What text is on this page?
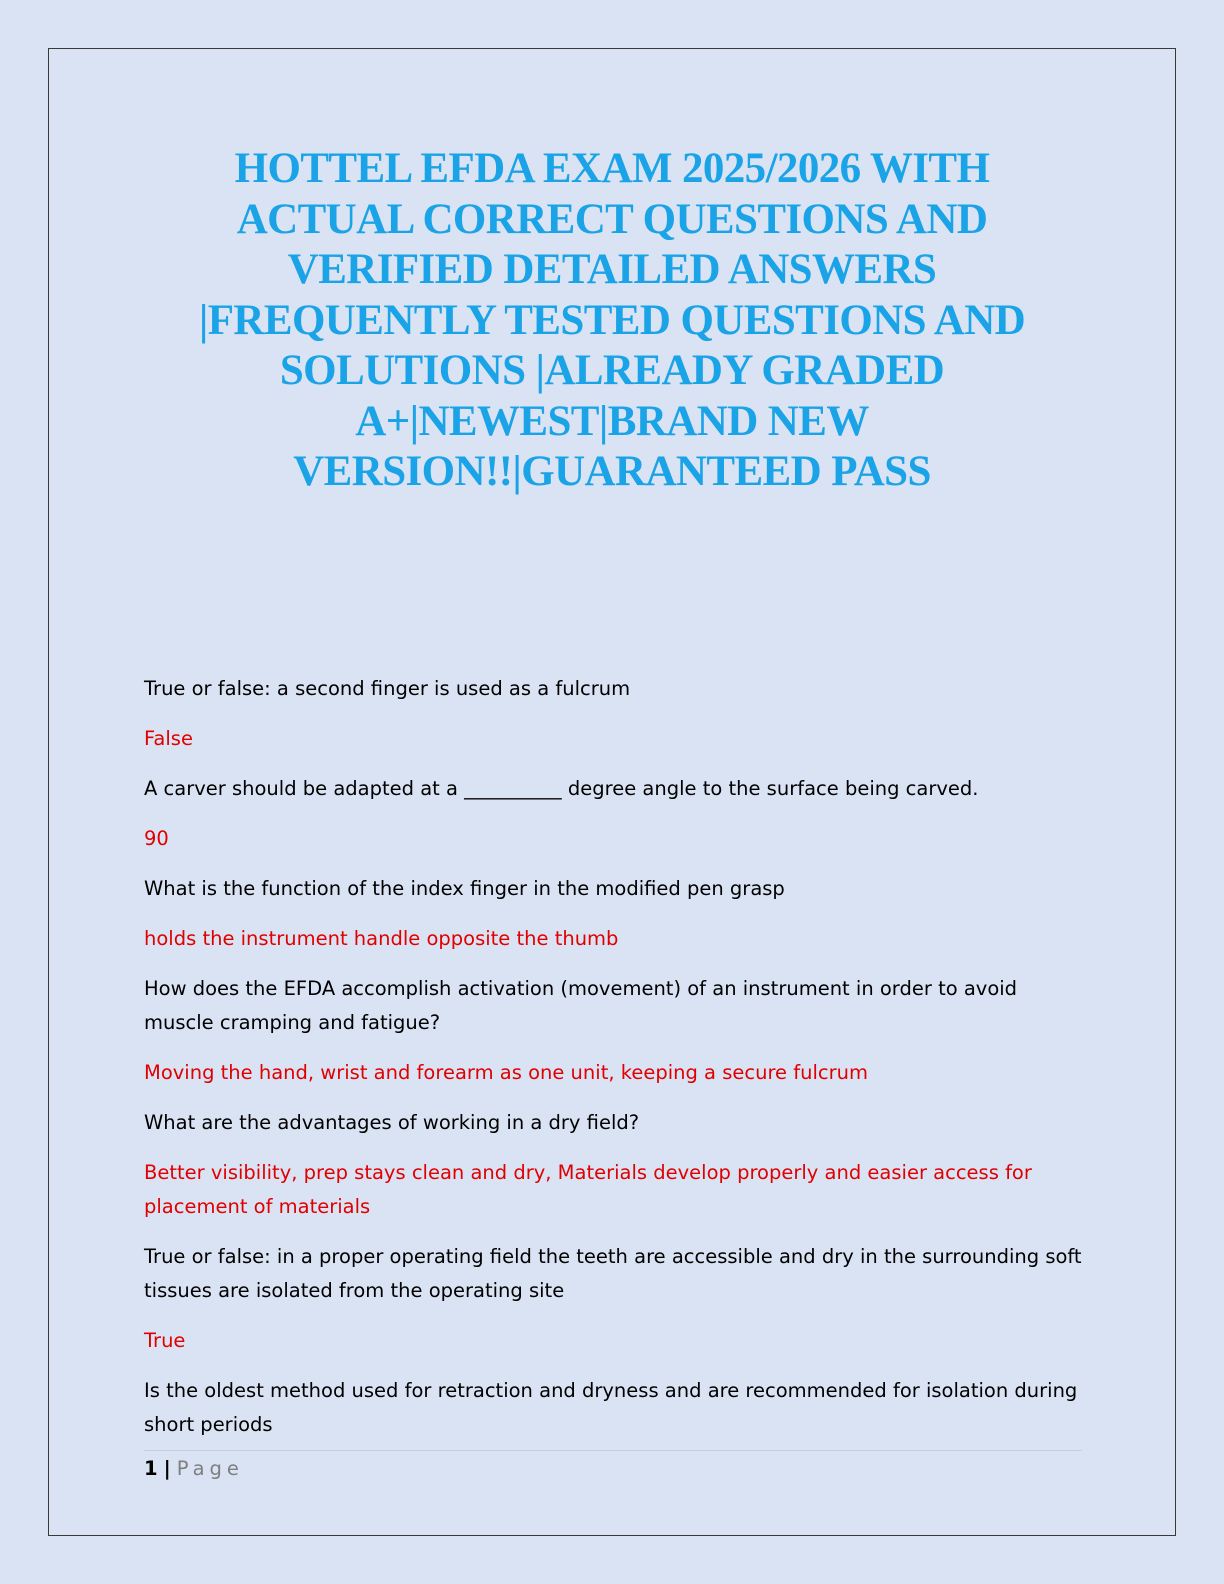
HOTTEL EFDA EXAM 2025/2026 WITH
ACTUAL CORRECT QUESTIONS AND
VERIFIED DETAILED ANSWERS
|FREQUENTLY TESTED QUESTIONS AND
SOLUTIONS |ALREADY GRADED
A+|NEWEST|BRAND NEW
VERSION!!|GUARANTEED PASS

True or false: a second finger is used as a fulcrum

False

A carver should be adapted at a __________ degree angle to the surface being carved.

90

What is the function of the index finger in the modified pen grasp

holds the instrument handle opposite the thumb

How does the EFDA accomplish activation (movement) of an instrument in order to avoid muscle cramping and fatigue?

Moving the hand, wrist and forearm as one unit, keeping a secure fulcrum

What are the advantages of working in a dry field?

Better visibility, prep stays clean and dry, Materials develop properly and easier access for placement of materials

True or false: in a proper operating field the teeth are accessible and dry in the surrounding soft tissues are isolated from the operating site

True

Is the oldest method used for retraction and dryness and are recommended for isolation during short periods

1 | Page
